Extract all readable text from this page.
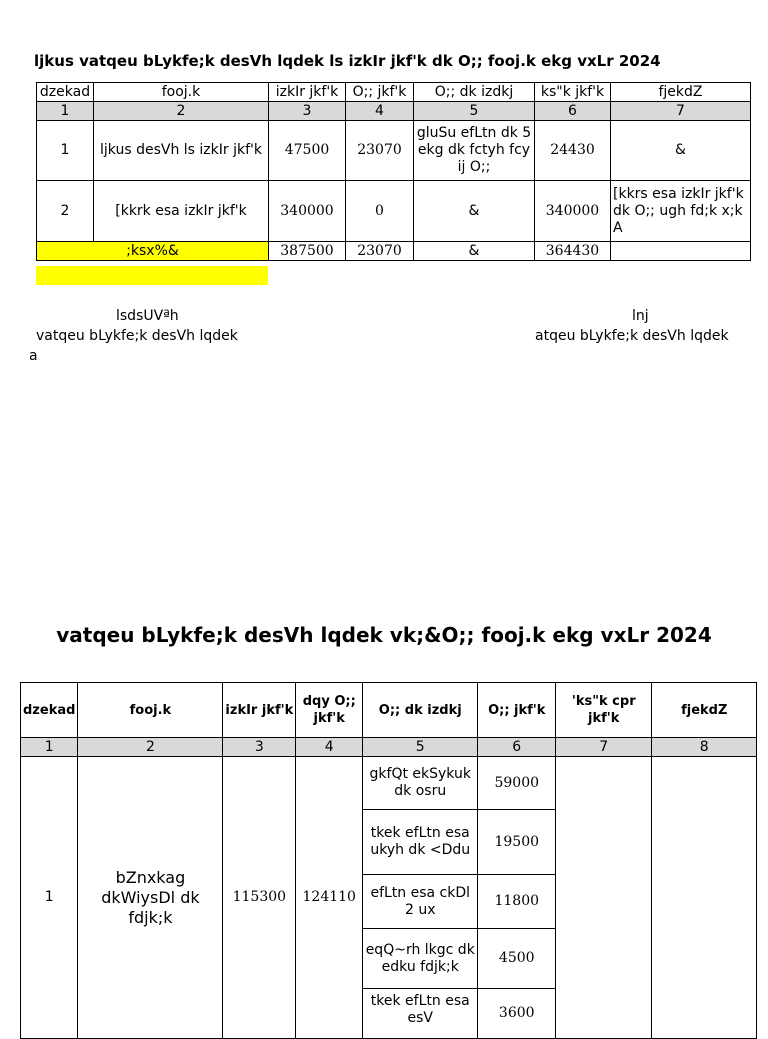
ljkus vatqeu bLykfe;k desVh lqdek ls izkIr jkf'k dk O;; fooj.k ekg vxLr 2024
dzekad	fooj.k	izkIr jkf'k	O;; jkf'k	O;; dk izdkj	ks"k jkf'k	fjekdZ
1	2	3	4	5	6	7
1	ljkus desVh ls izkIr jkf'k	47500	23070	gluSu efLtn dk 5 ekg dk fctyh fcy ij O;;	24430	&
2	[kkrk esa izkIr jkf'k	340000	0	&	340000	[kkrs esa izkIr jkf'k dk O;; ugh fd;k x;k A
;ksx%&		387500	23070	&	364430	
lsdsUVªh
vatqeu bLykfe;k desVh lqdek
a
lnj
atqeu bLykfe;k desVh lqdek
vatqeu bLykfe;k desVh lqdek vk;&O;; fooj.k ekg vxLr 2024
dzekad	fooj.k	izkIr jkf'k	dqy O;; jkf'k	O;; dk izdkj	O;; jkf'k	'ks"k cpr jkf'k	fjekdZ
1	2	3	4	5	6	7	8
1	bZnxkag dkWiysDl dk fdjk;k	115300	124110	gkfQt ekSykuk dk osru	59000		
				tkek efLtn esa ukyh dk <Ddu	19500		
				efLtn esa ckDl 2 ux	11800		
				eqQ~rh lkgc dk edku fdjk;k	4500		
				tkek efLtn esa esV	3600		
